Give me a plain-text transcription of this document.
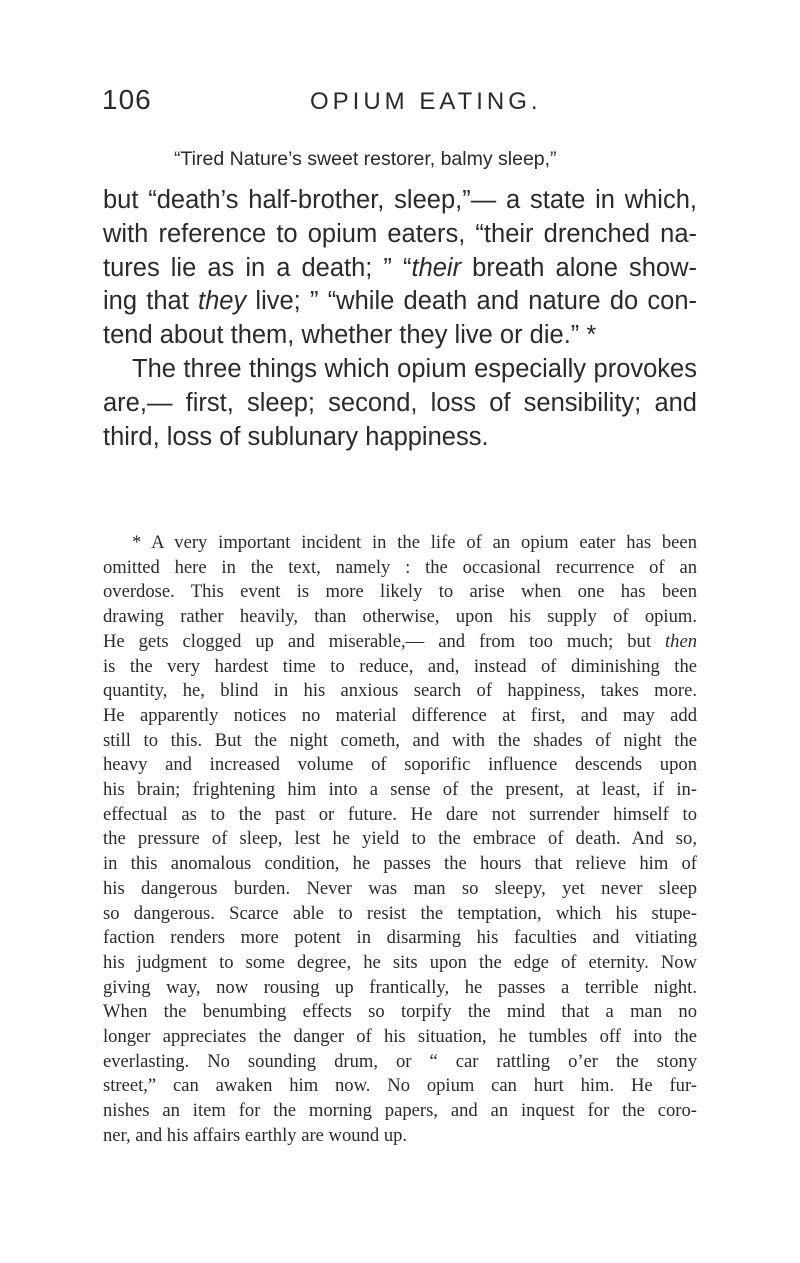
106	OPIUM EATING.
“Tired Nature’s sweet restorer, balmy sleep,”
but “death’s half-brother, sleep,”— a state in which,
with reference to opium eaters, “their drenched na-
tures lie as in a death; ” “their breath alone show-
ing that they live; ” “while death and nature do con-
tend about them, whether they live or die.” *
The three things which opium especially provokes
are,— first, sleep; second, loss of sensibility; and
third, loss of sublunary happiness.
* A very important incident in the life of an opium eater has been
omitted here in the text, namely : the occasional recurrence of an
overdose. This event is more likely to arise when one has been
drawing rather heavily, than otherwise, upon his supply of opium.
He gets clogged up and miserable,— and from too much; but then
is the very hardest time to reduce, and, instead of diminishing the
quantity, he, blind in his anxious search of happiness, takes more.
He apparently notices no material difference at first, and may add
still to this. But the night cometh, and with the shades of night the
heavy and increased volume of soporific influence descends upon
his brain; frightening him into a sense of the present, at least, if in-
effectual as to the past or future. He dare not surrender himself to
the pressure of sleep, lest he yield to the embrace of death. And so,
in this anomalous condition, he passes the hours that relieve him of
his dangerous burden. Never was man so sleepy, yet never sleep
so dangerous. Scarce able to resist the temptation, which his stupe-
faction renders more potent in disarming his faculties and vitiating
his judgment to some degree, he sits upon the edge of eternity. Now
giving way, now rousing up frantically, he passes a terrible night.
When the benumbing effects so torpify the mind that a man no
longer appreciates the danger of his situation, he tumbles off into the
everlasting. No sounding drum, or “ car rattling o’er the stony
street,” can awaken him now. No opium can hurt him. He fur-
nishes an item for the morning papers, and an inquest for the coro-
ner, and his affairs earthly are wound up.
